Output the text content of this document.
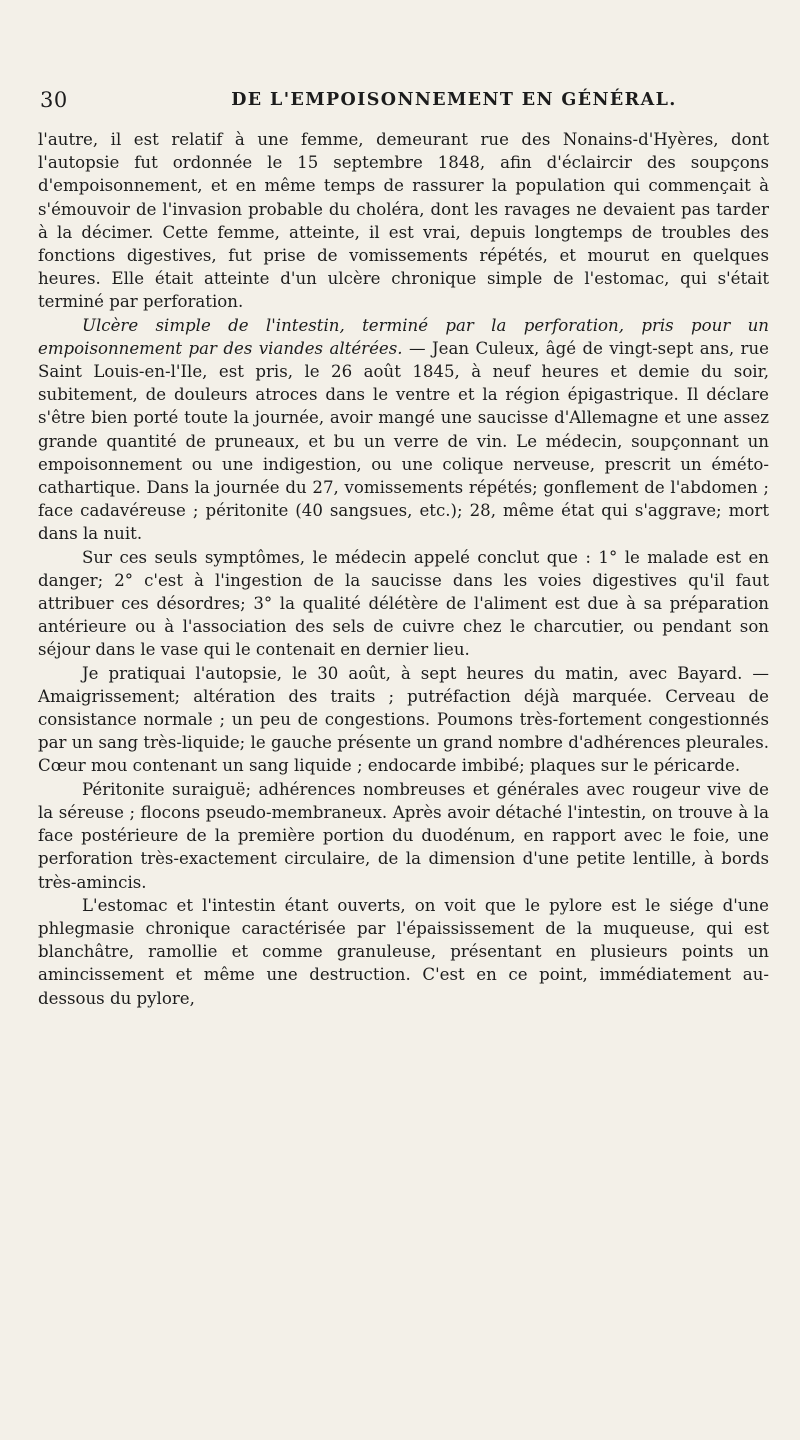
30	DE L'EMPOISONNEMENT EN GÉNÉRAL.

l'autre, il est relatif à une femme, demeurant rue des Nonains-d'Hyères, dont l'autopsie fut ordonnée le 15 septembre 1848, afin d'éclaircir des soupçons d'empoisonnement, et en même temps de rassurer la population qui commençait à s'émouvoir de l'invasion probable du choléra, dont les ravages ne devaient pas tarder à la décimer. Cette femme, atteinte, il est vrai, depuis longtemps de troubles des fonctions digestives, fut prise de vomissements répétés, et mourut en quelques heures. Elle était atteinte d'un ulcère chronique simple de l'estomac, qui s'était terminé par perforation.

Ulcère simple de l'intestin, terminé par la perforation, pris pour un empoisonnement par des viandes altérées. — Jean Culeux, âgé de vingt-sept ans, rue Saint Louis-en-l'Ile, est pris, le 26 août 1845, à neuf heures et demie du soir, subitement, de douleurs atroces dans le ventre et la région épigastrique. Il déclare s'être bien porté toute la journée, avoir mangé une saucisse d'Allemagne et une assez grande quantité de pruneaux, et bu un verre de vin. Le médecin, soupçonnant un empoisonnement ou une indigestion, ou une colique nerveuse, prescrit un éméto-cathartique. Dans la journée du 27, vomissements répétés; gonflement de l'abdomen ; face cadavéreuse ; péritonite (40 sangsues, etc.); 28, même état qui s'aggrave; mort dans la nuit.

Sur ces seuls symptômes, le médecin appelé conclut que : 1° le malade est en danger; 2° c'est à l'ingestion de la saucisse dans les voies digestives qu'il faut attribuer ces désordres; 3° la qualité délétère de l'aliment est due à sa préparation antérieure ou à l'association des sels de cuivre chez le charcutier, ou pendant son séjour dans le vase qui le contenait en dernier lieu.

Je pratiquai l'autopsie, le 30 août, à sept heures du matin, avec Bayard. — Amaigrissement; altération des traits ; putréfaction déjà marquée. Cerveau de consistance normale ; un peu de congestions. Poumons très-fortement congestionnés par un sang très-liquide; le gauche présente un grand nombre d'adhérences pleurales. Cœur mou contenant un sang liquide ; endocarde imbibé; plaques sur le péricarde.

Péritonite suraiguë; adhérences nombreuses et générales avec rougeur vive de la séreuse ; flocons pseudo-membraneux. Après avoir détaché l'intestin, on trouve à la face postérieure de la première portion du duodénum, en rapport avec le foie, une perforation très-exactement circulaire, de la dimension d'une petite lentille, à bords très-amincis.

L'estomac et l'intestin étant ouverts, on voit que le pylore est le siége d'une phlegmasie chronique caractérisée par l'épaississement de la muqueuse, qui est blanchâtre, ramollie et comme granuleuse, présentant en plusieurs points un amincissement et même une destruction. C'est en ce point, immédiatement au-dessous du pylore,
